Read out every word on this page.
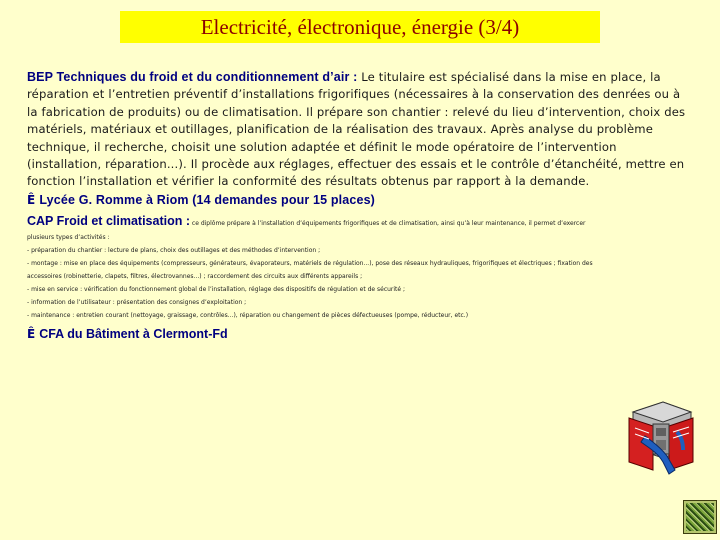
Electricité, électronique, énergie (3/4)
BEP Techniques du froid et du conditionnement d’air : Le titulaire est spécialisé dans la mise en place, la réparation et l’entretien préventif d’installations frigorifiques (nécessaires à la conservation des denrées ou à la fabrication de produits) ou de climatisation. Il prépare son chantier : relevé du lieu d’intervention, choix des matériels, matériaux et outillages, planification de la réalisation des travaux. Après analyse du problème technique, il recherche, choisit une solution adaptée et définit le mode opératoire de l’intervention (installation, réparation...). Il procède aux réglages, effectuer des essais et le contrôle d’étanchéité, mettre en fonction l’installation et vérifier la conformité des résultats obtenus par rapport à la demande.
Ê Lycée G. Romme à Riom (14 demandes pour 15 places)
CAP Froid et climatisation : ce diplôme prépare à l’installation d’équipements frigorifiques et de climatisation, ainsi qu’à leur maintenance, il permet d’exercer
plusieurs types d’activités :
- préparation du chantier : lecture de plans, choix des outillages et des méthodes d’intervention ;
- montage : mise en place des équipements (compresseurs, générateurs, évaporateurs, matériels de régulation...), pose des réseaux hydrauliques, frigorifiques et électriques ; fixation des
accessoires (robinetterie, clapets, filtres, électrovannes...) ; raccordement des circuits aux différents appareils ;
- mise en service : vérification du fonctionnement global de l’installation, réglage des dispositifs de régulation et de sécurité ;
- information de l’utilisateur : présentation des consignes d’exploitation ;
- maintenance : entretien courant (nettoyage, graissage, contrôles...), réparation ou changement de pièces défectueuses (pompe, réducteur, etc.)
Ê CFA du Bâtiment à Clermont-Fd
